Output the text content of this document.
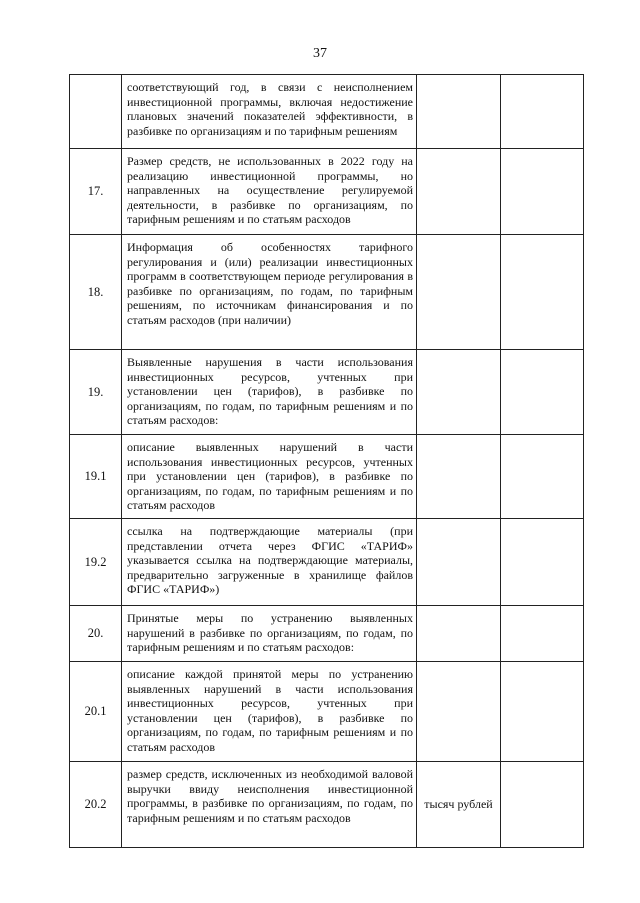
37
	соответствующий год, в связи с неисполнением инвестиционной программы, включая недостижение плановых значений показателей эффективности, в разбивке по организациям и по тарифным решениям		
17.	Размер средств, не использованных в 2022 году на реализацию инвестиционной программы, но направленных на осуществление регулируемой деятельности, в разбивке по организациям, по тарифным решениям и по статьям расходов		
18.	Информация об особенностях тарифного регулирования и (или) реализации инвестиционных программ в соответствующем периоде регулирования в разбивке по организациям, по годам, по тарифным решениям, по источникам финансирования и по статьям расходов (при наличии)		
19.	Выявленные нарушения в части использования инвестиционных ресурсов, учтенных при установлении цен (тарифов), в разбивке по организациям, по годам, по тарифным решениям и по статьям расходов:		
19.1	описание выявленных нарушений в части использования инвестиционных ресурсов, учтенных при установлении цен (тарифов), в разбивке по организациям, по годам, по тарифным решениям и по статьям расходов		
19.2	ссылка на подтверждающие материалы (при представлении отчета через ФГИС «ТАРИФ» указывается ссылка на подтверждающие материалы, предварительно загруженные в хранилище файлов ФГИС «ТАРИФ»)		
20.	Принятые меры по устранению выявленных нарушений в разбивке по организациям, по годам, по тарифным решениям и по статьям расходов:		
20.1	описание каждой принятой меры по устранению выявленных нарушений в части использования инвестиционных ресурсов, учтенных при установлении цен (тарифов), в разбивке по организациям, по годам, по тарифным решениям и по статьям расходов		
20.2	размер средств, исключенных из необходимой валовой выручки ввиду неисполнения инвестиционной программы, в разбивке по организациям, по годам, по тарифным решениям и по статьям расходов	тысяч рублей	
